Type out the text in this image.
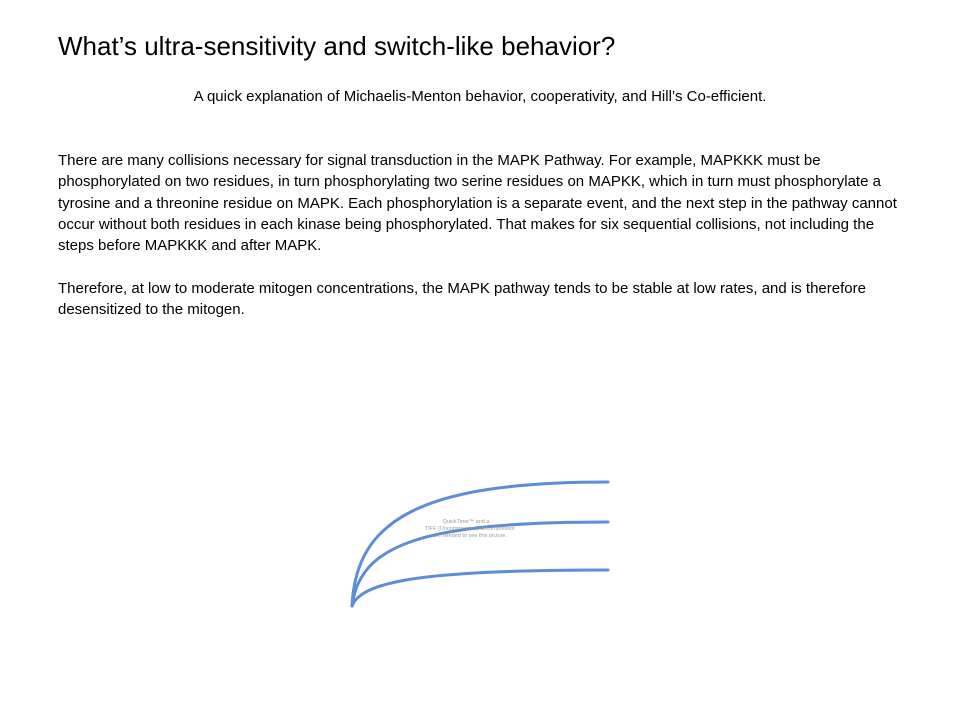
What’s ultra-sensitivity and switch-like behavior?

A quick explanation of Michaelis-Menton behavior, cooperativity, and Hill’s Co-efficient.

There are many collisions necessary for signal transduction in the MAPK Pathway. For example, MAPKKK must be phosphorylated on two residues, in turn phosphorylating two serine residues on MAPKK, which in turn must phosphorylate a tyrosine and a threonine residue on MAPK. Each phosphorylation is a separate event, and the next step in the pathway cannot occur without both residues in each kinase being phosphorylated. That makes for six sequential collisions, not including the steps before MAPKKK and after MAPK.

Therefore, at low to moderate mitogen concentrations, the MAPK pathway tends to be stable at low rates, and is therefore desensitized to the mitogen.

QuickTime™ and a
TIFF (Uncompressed) decompressor
are needed to see this picture.
